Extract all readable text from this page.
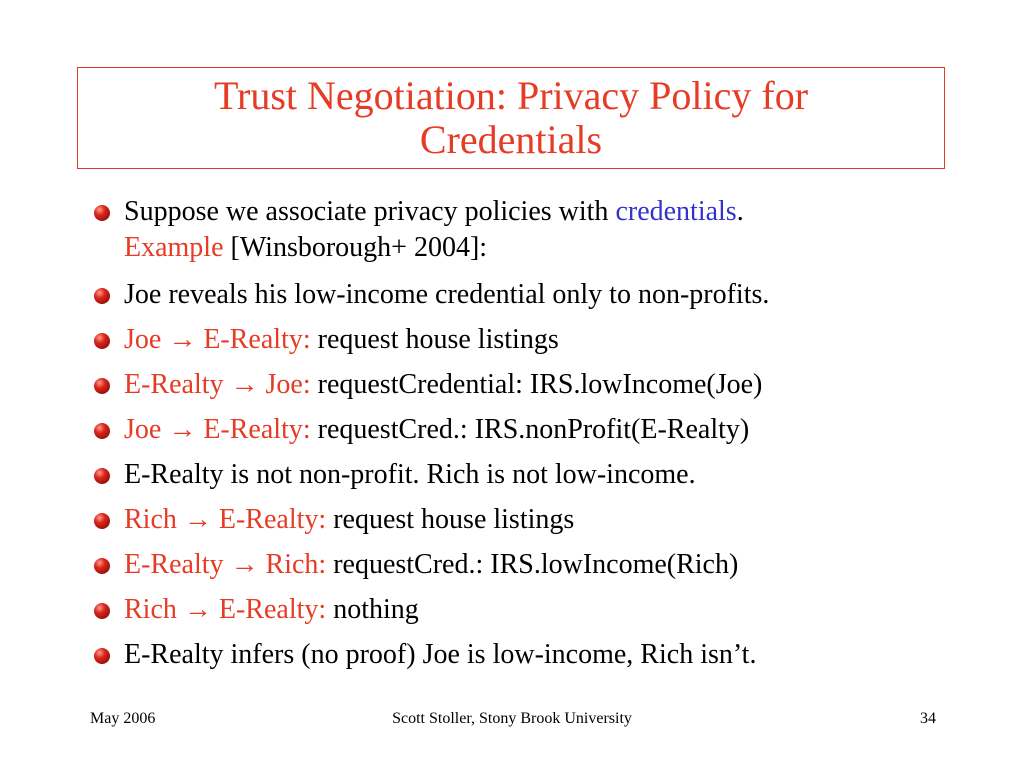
Trust Negotiation: Privacy Policy for
Credentials
Suppose we associate privacy policies with credentials.
Example [Winsborough+ 2004]:
Joe reveals his low-income credential only to non-profits.
Joe → E-Realty: request house listings
E-Realty → Joe: requestCredential: IRS.lowIncome(Joe)
Joe → E-Realty: requestCred.: IRS.nonProfit(E-Realty)
E-Realty is not non-profit. Rich is not low-income.
Rich → E-Realty: request house listings
E-Realty → Rich: requestCred.: IRS.lowIncome(Rich)
Rich → E-Realty: nothing
E-Realty infers (no proof) Joe is low-income, Rich isn’t.
May 2006	Scott Stoller, Stony Brook University	34
